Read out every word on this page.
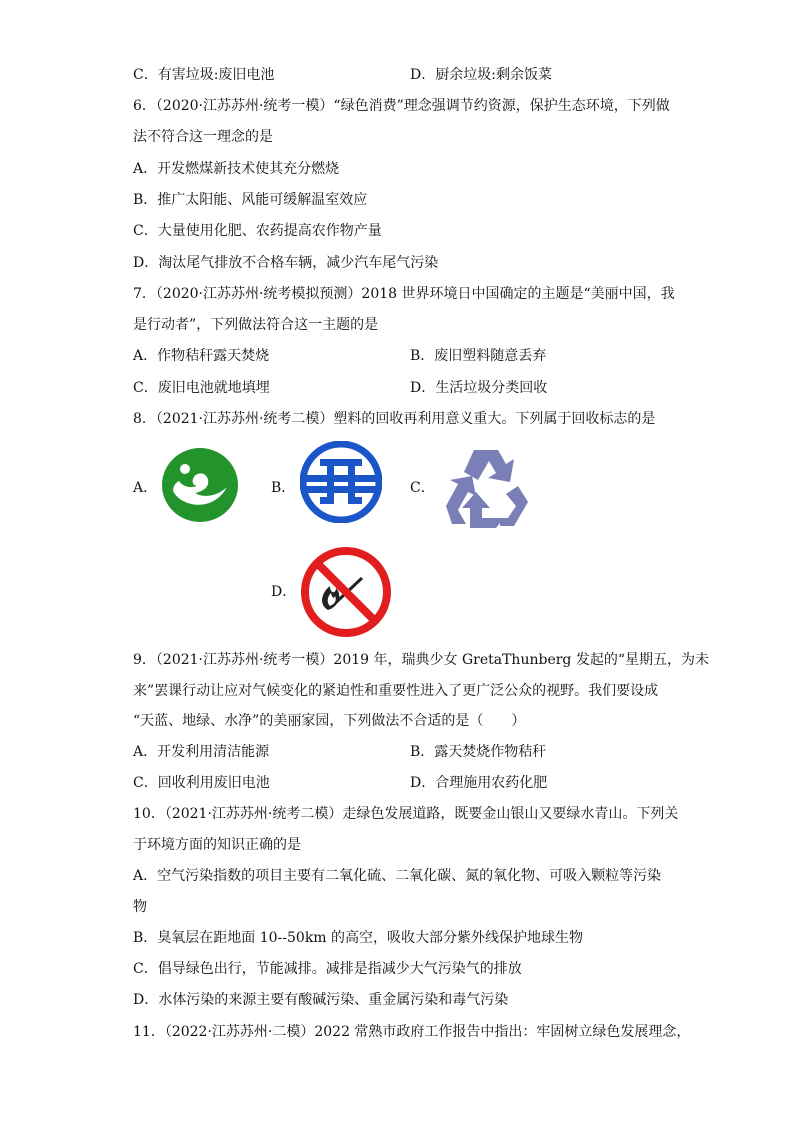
C．有害垃圾:废旧电池	D．厨余垃圾:剩余饭菜
6．（2020·江苏苏州·统考一模）“绿色消费”理念强调节约资源，保护生态环境，下列做
法不符合这一理念的是
A．开发燃煤新技术使其充分燃烧
B．推广太阳能、风能可缓解温室效应
C．大量使用化肥、农药提高农作物产量
D．淘汰尾气排放不合格车辆，减少汽车尾气污染
7．（2020·江苏苏州·统考模拟预测）2018 世界环境日中国确定的主题是“美丽中国，我
是行动者”，下列做法符合这一主题的是
A．作物秸秆露天焚烧	B．废旧塑料随意丢弃
C．废旧电池就地填埋	D．生活垃圾分类回收
8．（2021·江苏苏州·统考二模）塑料的回收再利用意义重大。下列属于回收标志的是
A．	B．	C．
D．
9．（2021·江苏苏州·统考一模）2019 年，瑞典少女 GretaThunberg 发起的“星期五，为未
来”罢课行动让应对气候变化的紧迫性和重要性进入了更广泛公众的视野。我们要设成
“天蓝、地绿、水净”的美丽家园，下列做法不合适的是（　　）
A．开发利用清洁能源	B．露天焚烧作物秸秆
C．回收利用废旧电池	D．合理施用农药化肥
10．（2021·江苏苏州·统考二模）走绿色发展道路，既要金山银山又要绿水青山。下列关
于环境方面的知识正确的是
A．空气污染指数的项目主要有二氧化硫、二氧化碳、氮的氧化物、可吸入颗粒等污染
物
B．臭氧层在距地面 10--50km 的高空，吸收大部分紫外线保护地球生物
C．倡导绿色出行，节能减排。减排是指减少大气污染气的排放
D．水体污染的来源主要有酸碱污染、重金属污染和毒气污染
11．（2022·江苏苏州·二模）2022 常熟市政府工作报告中指出：牢固树立绿色发展理念，
